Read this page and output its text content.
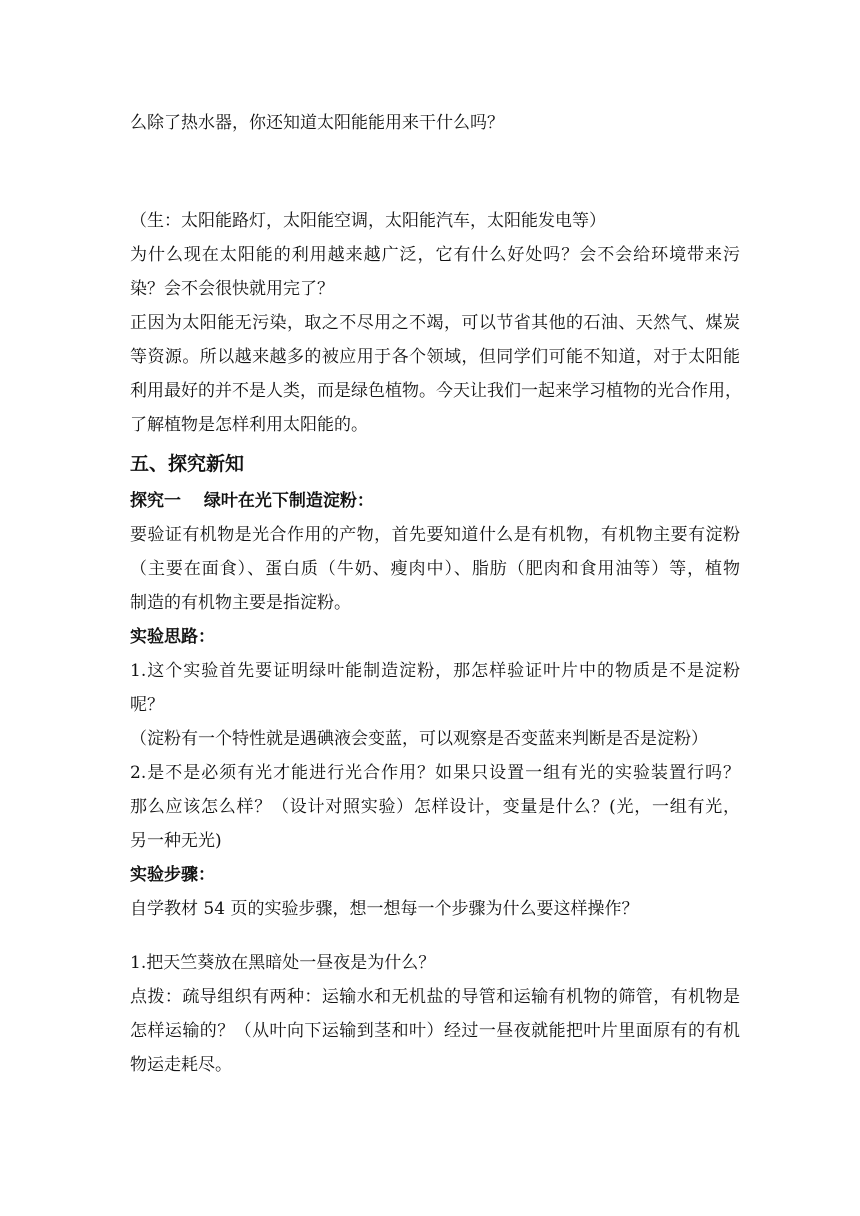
么除了热水器，你还知道太阳能能用来干什么吗？
（生：太阳能路灯，太阳能空调，太阳能汽车，太阳能发电等）
为什么现在太阳能的利用越来越广泛，它有什么好处吗？会不会给环境带来污
染？会不会很快就用完了？
正因为太阳能无污染，取之不尽用之不竭，可以节省其他的石油、天然气、煤炭
等资源。所以越来越多的被应用于各个领域，但同学们可能不知道，对于太阳能
利用最好的并不是人类，而是绿色植物。今天让我们一起来学习植物的光合作用，
了解植物是怎样利用太阳能的。
五、探究新知
探究一　 绿叶在光下制造淀粉：
要验证有机物是光合作用的产物，首先要知道什么是有机物，有机物主要有淀粉
（主要在面食）、蛋白质（牛奶、瘦肉中）、脂肪（肥肉和食用油等）等，植物
制造的有机物主要是指淀粉。
实验思路：
1.这个实验首先要证明绿叶能制造淀粉，那怎样验证叶片中的物质是不是淀粉
呢？
（淀粉有一个特性就是遇碘液会变蓝，可以观察是否变蓝来判断是否是淀粉）
2.是不是必须有光才能进行光合作用？如果只设置一组有光的实验装置行吗？
那么应该怎么样？（设计对照实验）怎样设计，变量是什么？(光，一组有光，
另一种无光)
实验步骤：
自学教材 54 页的实验步骤，想一想每一个步骤为什么要这样操作？
1.把天竺葵放在黑暗处一昼夜是为什么？
点拨：疏导组织有两种：运输水和无机盐的导管和运输有机物的筛管，有机物是
怎样运输的？（从叶向下运输到茎和叶）经过一昼夜就能把叶片里面原有的有机
物运走耗尽。
